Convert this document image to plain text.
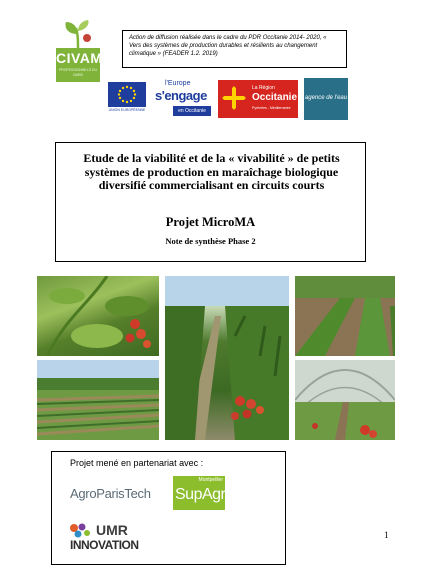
CIVAM
PROFESSIONNELS DU GARD
Action de diffusion réalisée dans le cadre du PDR Occitanie 2014- 2020, « Vers des systèmes de production durables et résilients au changement climatique » (FEADER 1.2. 2019)
UNION EUROPÉENNE
l'Europe
s'engage
en Occitanie
La Région
Occitanie
Pyrénées - Méditerranée
agence de l'eau
Etude de la viabilité et de la « vivabilité » de petits systèmes de production en maraîchage biologique diversifié commercialisant en circuits courts
Projet MicroMA
Note de synthèse Phase 2
Projet mené en partenariat avec :
AgroParisTech
Montpellier
SupAgro
UMR
INNOVATION
1
